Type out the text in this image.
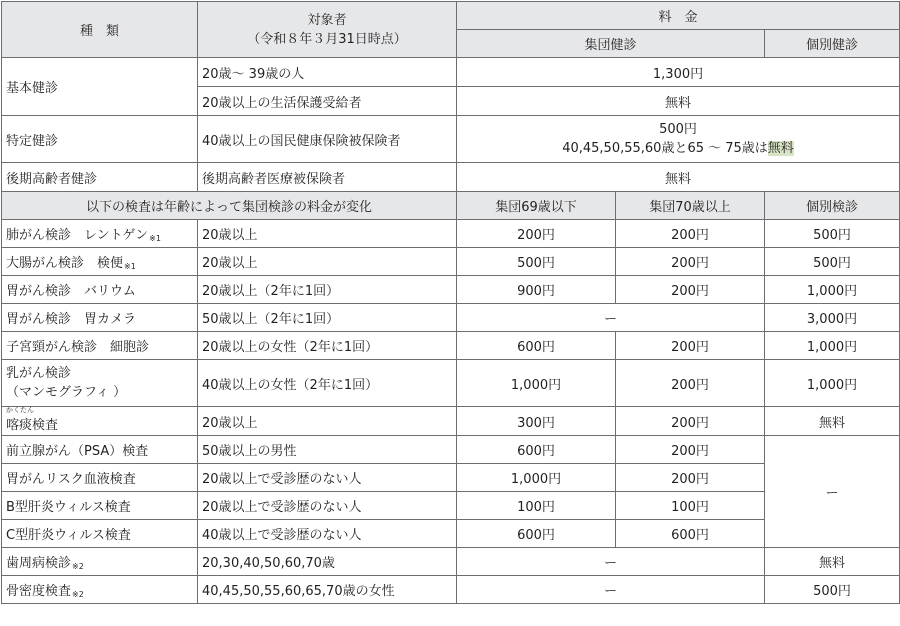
種　類	対象者
（令和８年３月31日時点）	料　金		
		集団健診		個別健診
基本健診	20歳～ 39歳の人	1,300円		
	20歳以上の生活保護受給者	無料		
特定健診	40歳以上の国民健康保険被保険者	500円
40,45,50,55,60歳と65 ～ 75歳は無料		
後期高齢者健診	後期高齢者医療被保険者	無料		
以下の検査は年齢によって集団検診の料金が変化		集団69歳以下	集団70歳以上	個別検診
肺がん検診　レントゲン$_{※1}$	20歳以上	200円	200円	500円
大腸がん検診　検便$_{※1}$	20歳以上	500円	200円	500円
胃がん検診　バリウム	20歳以上（2年に1回）	900円	200円	1,000円
胃がん検診　胃カメラ	50歳以上（2年に1回）	ー		3,000円
子宮頸がん検診　細胞診	20歳以上の女性（2年に1回）	600円	200円	1,000円
乳がん検診
（マンモグラフィ ）	40歳以上の女性（2年に1回）	1,000円	200円	1,000円

かくたん
喀痰検査	20歳以上	300円	200円	無料
前立腺がん（PSA）検査	50歳以上の男性	600円	200円	ー
胃がんリスク血液検査	20歳以上で受診歴のない人	1,000円	200円	
B型肝炎ウィルス検査	20歳以上で受診歴のない人	100円	100円	
C型肝炎ウィルス検査	40歳以上で受診歴のない人	600円	600円	
歯周病検診$_{※2}$	20,30,40,50,60,70歳	ー		無料
骨密度検査$_{※2}$	40,45,50,55,60,65,70歳の女性	ー		500円
